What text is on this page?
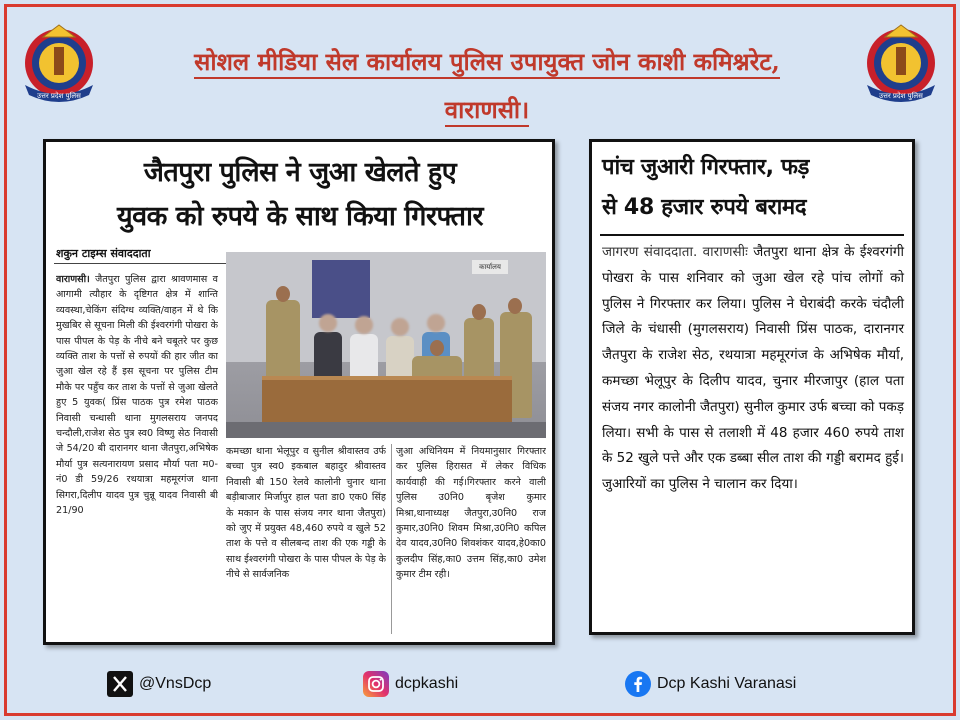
उत्तर प्रदेश पुलिस	उत्तर प्रदेश पुलिस
सोशल मीडिया सेल कार्यालय पुलिस उपायुक्त जोन काशी कमिश्नरेट,
वाराणसी।
जैतपुरा पुलिस ने जुआ खेलते हुए
युवक को रुपये के साथ किया गिरफ्तार
शकुन टाइम्स संवाददाता
वाराणसी। जैतपुरा पुलिस द्वारा श्रावणमास व आगामी त्यौहार के दृष्टिगत क्षेत्र में शान्ति व्यवस्था,चेकिंग संदिग्ध व्यक्ति/वाहन में थे कि मुखबिर से सूचना मिली की ईश्वरगंगी पोखरा के पास पीपल के पेड़ के नीचे बने चबूतरे पर कुछ व्यक्ति ताश के पत्तों से रुपयों की हार जीत का जुआ खेल रहे हैं इस सूचना पर पुलिस टीम मौके पर पहुँच कर ताश के पत्तों से जुआ खेलते हुए 5 युवक( प्रिंस पाठक पुत्र रमेश पाठक निवासी चन्धासी थाना मुगलसराय जनपद चन्दौली,राजेश सेठ पुत्र स्व0 विष्णु सेठ निवासी जे 54/20 बी दारानगर थाना जैतपुरा,अभिषेक मौर्या पुत्र सत्यनारायण प्रसाद मौर्या पता म0-नं0 डी 59/26 रथयात्रा महमूरगंज थाना सिगरा,दिलीप यादव पुत्र चुन्नू यादव निवासी बी 21/90
कार्यालय
कमच्छा थाना भेलूपुर व सुनील श्रीवास्तव उर्फ बच्चा पुत्र स्व0 इकबाल बहादुर श्रीवास्तव निवासी बी 150 रेलवे कालोनी चुनार थाना बड़ीबाजार मिर्जापुर हाल पता डा0 एक0 सिंह के मकान के पास संजय नगर थाना जैतपुरा) को जुए में प्रयुक्त 48,460 रुपये व खुले 52 ताश के पत्ते व सीलबन्द ताश की एक गड्डी के साथ ईश्वरगंगी पोखरा के पास पीपल के पेड़ के नीचे से सार्वजनिक
जुआ अधिनियम में नियमानुसार गिरफ्तार कर पुलिस हिरासत में लेकर विधिक कार्यवाही की गई।गिरफ्तार करने वाली पुलिस उ0नि0 बृजेश कुमार मिश्रा,थानाध्यक्ष जैतपुरा,उ0नि0 राज कुमार,उ0नि0 शिवम मिश्रा,उ0नि0 कपिल देव यादव,उ0नि0 शिवशंकर यादव,हे0का0 कुलदीप सिंह,का0 उत्तम सिंह,का0 उमेश कुमार टीम रही।
पांच जुआरी गिरफ्तार, फड़
से 48 हजार रुपये बरामद
जागरण संवाददाता. वाराणसीः जैतपुरा थाना क्षेत्र के ईश्वरगंगी पोखरा के पास शनिवार को जुआ खेल रहे पांच लोगों को पुलिस ने गिरफ्तार कर लिया। पुलिस ने घेराबंदी करके चंदौली जिले के चंधासी (मुगलसराय) निवासी प्रिंस पाठक, दारानगर जैतपुरा के राजेश सेठ, रथयात्रा महमूरगंज के अभिषेक मौर्या, कमच्छा भेलूपुर के दिलीप यादव, चुनार मीरजापुर (हाल पता संजय नगर कालोनी जैतपुरा) सुनील कुमार उर्फ बच्चा को पकड़ लिया। सभी के पास से तलाशी में 48 हजार 460 रुपये ताश के 52 खुले पत्ते और एक डब्बा सील ताश की गड्डी बरामद हुई। जुआरियों का पुलिस ने चालान कर दिया।
@VnsDcp	dcpkashi	Dcp Kashi Varanasi
